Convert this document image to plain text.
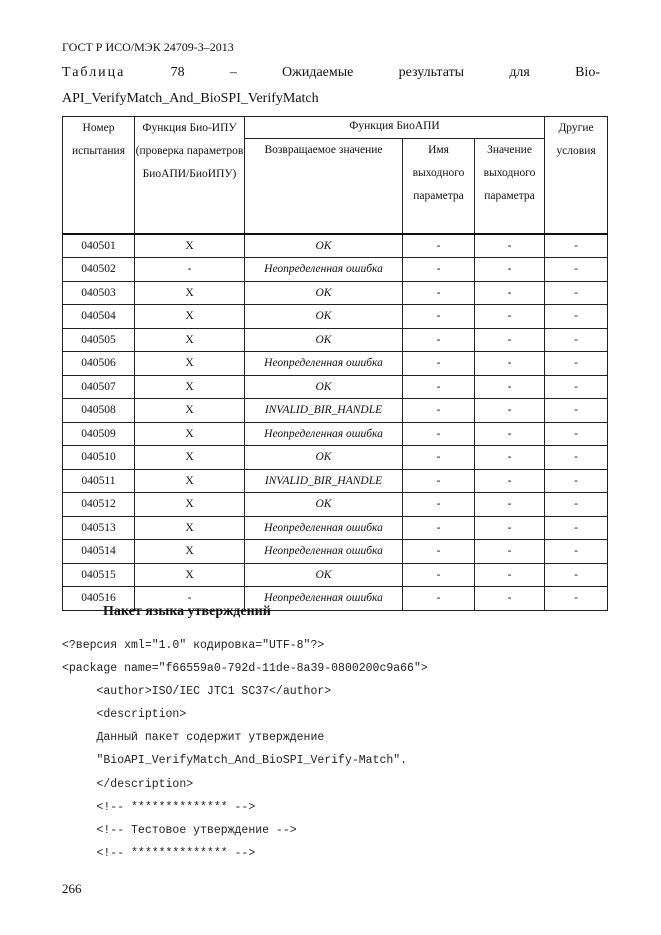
ГОСТ Р ИСО/МЭК 24709-3–2013
Таблица	78	–	Ожидаемые	результаты	для	Bio-
API_VerifyMatch_And_BioSPI_VerifyMatch
Номер испытания	Функция Био-ИПУ (проверка параметров БиоАПИ/БиоИПУ)	Функция БиоАПИ			Другие условия
		Возвращаемое значение	Имя выходного параметра	Значение выходного параметра	
040501	X	OK	-	-	-
040502	-	Неопределенная ошибка	-	-	-
040503	X	OK	-	-	-
040504	X	OK	-	-	-
040505	X	OK	-	-	-
040506	X	Неопределенная ошибка	-	-	-
040507	X	OK	-	-	-
040508	X	INVALID_BIR_HANDLE	-	-	-
040509	X	Неопределенная ошибка	-	-	-
040510	X	OK	-	-	-
040511	X	INVALID_BIR_HANDLE	-	-	-
040512	X	OK	-	-	-
040513	X	Неопределенная ошибка	-	-	-
040514	X	Неопределенная ошибка	-	-	-
040515	X	OK	-	-	-
040516	-	Неопределенная ошибка	-	-	-
Пакет языка утверждений
<?версия xml="1.0" кодировка="UTF-8"?>
<package name="f66559a0-792d-11de-8a39-0800200c9a66">
<author>ISO/IEC JTC1 SC37</author>
<description>
Данный пакет содержит утверждение
"BioAPI_VerifyMatch_And_BioSPI_Verify-Match".
</description>
<!-- ************** -->
<!-- Тестовое утверждение -->
<!-- ************** -->
266
